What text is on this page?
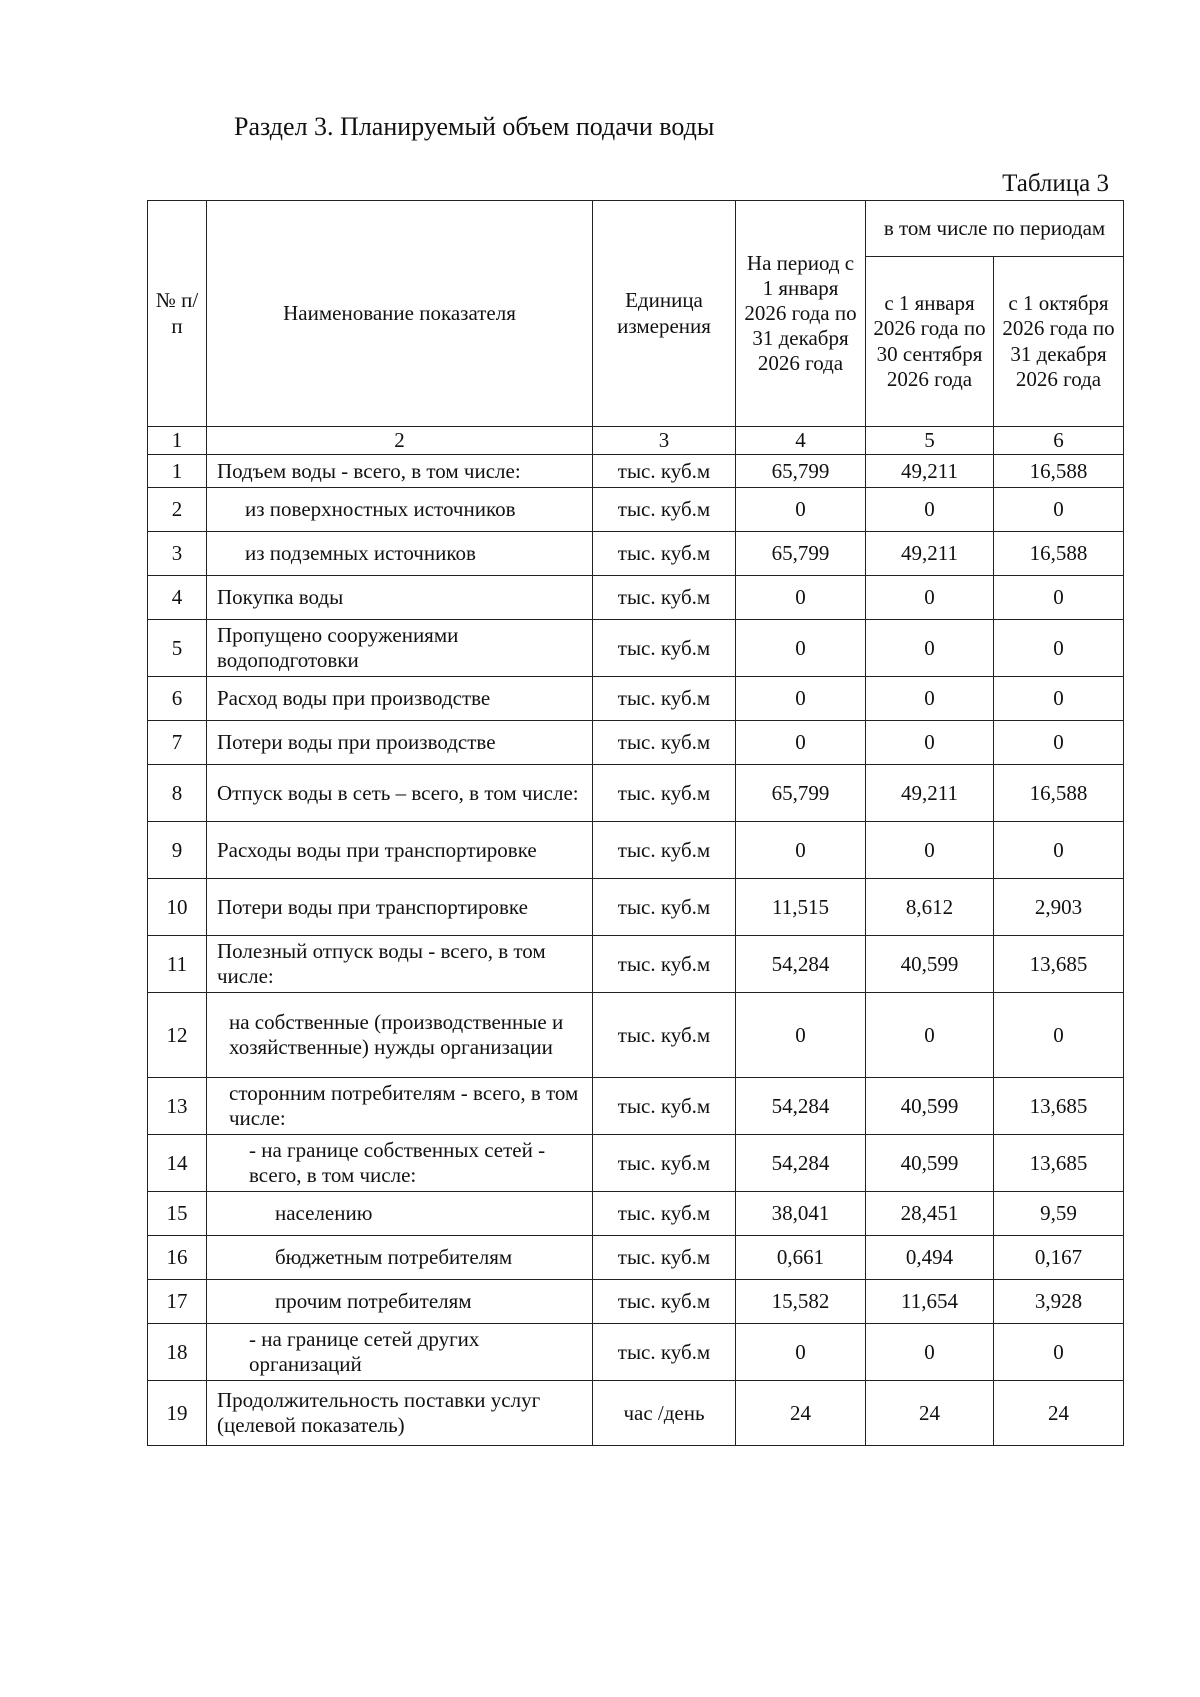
Раздел 3. Планируемый объем подачи воды
Таблица 3
№ п/п	Наименование показателя	Единица измерения	На период с 1 января 2026 года по 31 декабря 2026 года	в том числе по периодам	
				с 1 января 2026 года по 30 сентября 2026 года	с 1 октября 2026 года по 31 декабря 2026 года
1	2	3	4	5	6
1	Подъем воды - всего, в том числе:	тыс. куб.м	65,799	49,211	16,588
2	из поверхностных источников	тыс. куб.м	0	0	0
3	из подземных источников	тыс. куб.м	65,799	49,211	16,588
4	Покупка воды	тыс. куб.м	0	0	0
5	Пропущено сооружениями водоподготовки	тыс. куб.м	0	0	0
6	Расход воды при производстве	тыс. куб.м	0	0	0
7	Потери воды при производстве	тыс. куб.м	0	0	0
8	Отпуск воды в сеть – всего, в том числе:	тыс. куб.м	65,799	49,211	16,588
9	Расходы воды при транспортировке	тыс. куб.м	0	0	0
10	Потери воды при транспортировке	тыс. куб.м	11,515	8,612	2,903
11	Полезный отпуск воды - всего, в том числе:	тыс. куб.м	54,284	40,599	13,685
12	на собственные (производственные и хозяйственные) нужды организации	тыс. куб.м	0	0	0
13	сторонним потребителям - всего, в том числе:	тыс. куб.м	54,284	40,599	13,685
14	- на границе собственных сетей - всего, в том числе:	тыс. куб.м	54,284	40,599	13,685
15	населению	тыс. куб.м	38,041	28,451	9,59
16	бюджетным потребителям	тыс. куб.м	0,661	0,494	0,167
17	прочим потребителям	тыс. куб.м	15,582	11,654	3,928
18	- на границе сетей других организаций	тыс. куб.м	0	0	0
19	Продолжительность поставки услуг (целевой показатель)	час /день	24	24	24
